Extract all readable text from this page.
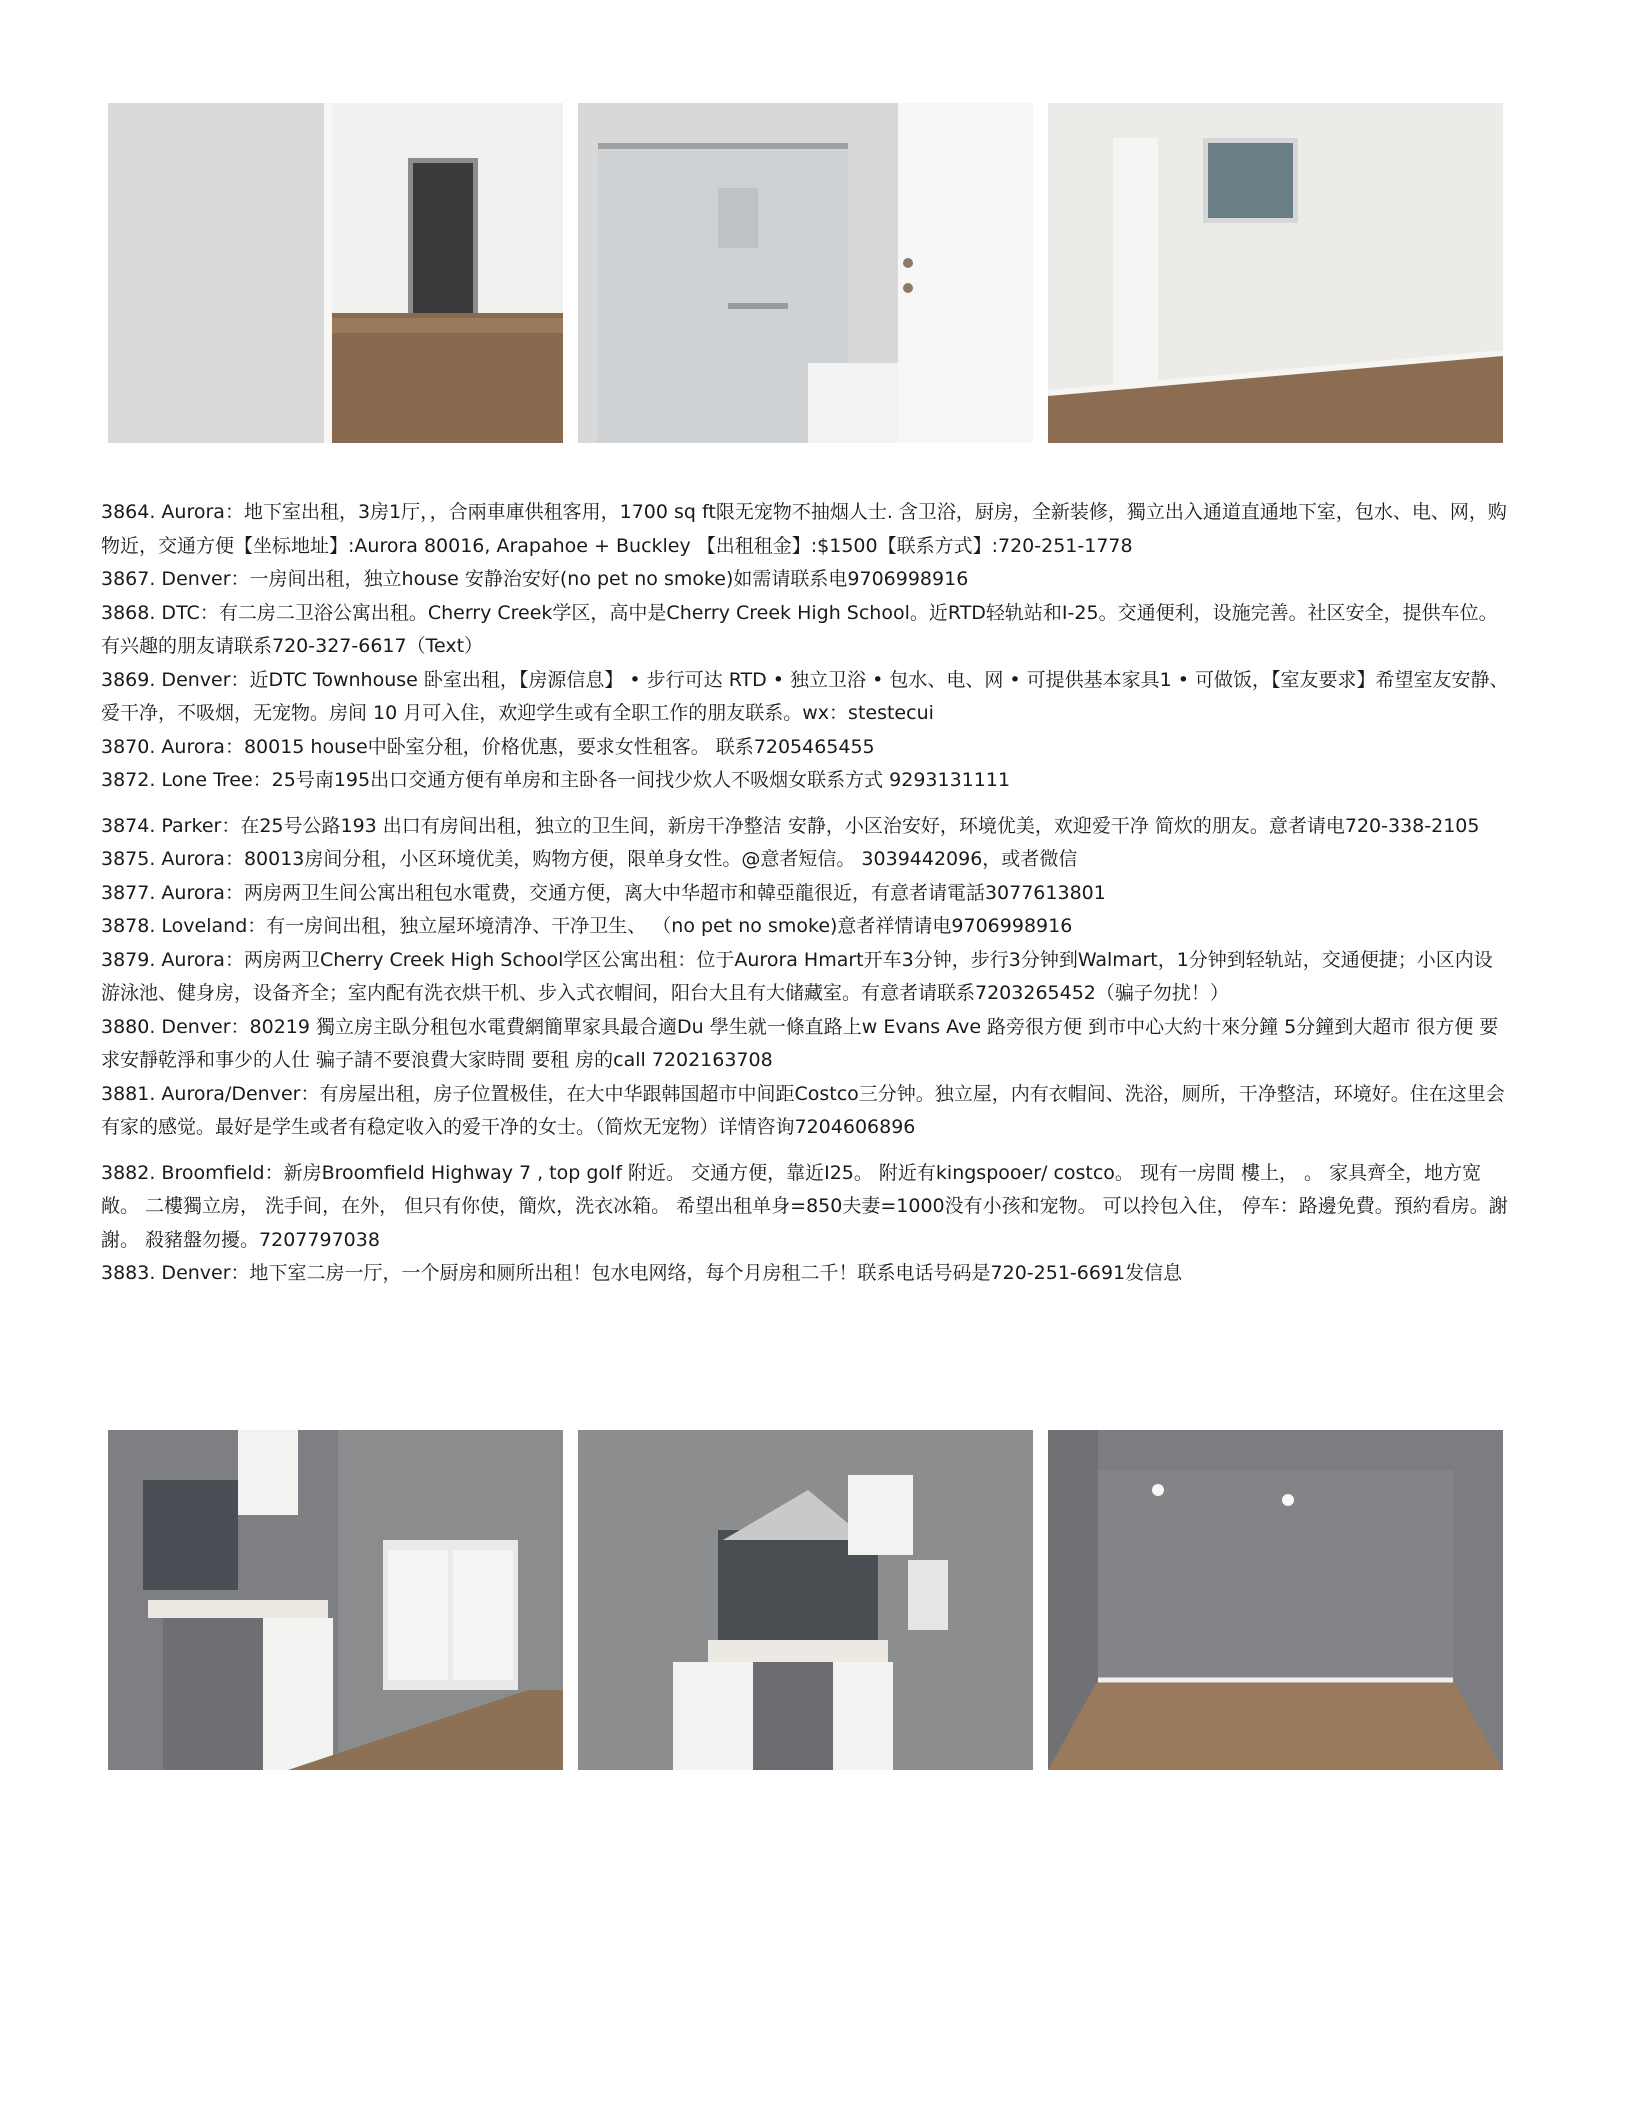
3864. Aurora：地下室出租，3房1厅，，合兩車庫供租客用，1700 sq ft限无宠物不抽烟人士. 含卫浴，厨房，全新装修，獨立出入通道直通地下室，包水、电、网，购物近，交通方便【坐标地址】:Aurora 80016, Arapahoe + Buckley 【出租租金】:$1500【联系方式】:720-251-1778

3867. Denver：一房间出租，独立house 安静治安好(no pet no smoke)如需请联系电9706998916

3868. DTC：有二房二卫浴公寓出租。Cherry Creek学区，高中是Cherry Creek High School。近RTD轻轨站和I-25。交通便利，设施完善。社区安全，提供车位。有兴趣的朋友请联系720-327-6617（Text）

3869. Denver：近DTC Townhouse 卧室出租，【房源信息】 • 步行可达 RTD • 独立卫浴 • 包水、电、网 • 可提供基本家具1 • 可做饭，【室友要求】希望室友安静、爱干净，不吸烟，无宠物。房间 10 月可入住，欢迎学生或有全职工作的朋友联系。wx：stestecui

3870. Aurora：80015 house中卧室分租，价格优惠，要求女性租客。 联系7205465455

3872. Lone Tree：25号南195出口交通方便有单房和主卧各一间找少炊人不吸烟女联系方式 9293131111

3874. Parker：在25号公路193 出口有房间出租，独立的卫生间，新房干净整洁 安静，小区治安好，环境优美，欢迎爱干净 简炊的朋友。意者请电720-338-2105

3875. Aurora：80013房间分租，小区环境优美，购物方便，限单身女性。@意者短信。 3039442096，或者微信

3877. Aurora：两房两卫生间公寓出租包水電费，交通方便，离大中华超市和韓亞龍很近，有意者请電話3077613801

3878. Loveland：有一房间出租，独立屋环境清净、干净卫生、 （no pet no smoke)意者祥情请电9706998916

3879. Aurora：两房两卫Cherry Creek High School学区公寓出租：位于Aurora Hmart开车3分钟，步行3分钟到Walmart，1分钟到轻轨站，交通便捷；小区内设游泳池、健身房，设备齐全；室内配有洗衣烘干机、步入式衣帽间，阳台大且有大储藏室。有意者请联系7203265452（骗子勿扰！）

3880. Denver：80219 獨立房主臥分租包水電費網簡單家具最合適Du 學生就一條直路上w Evans Ave 路旁很方便 到市中心大約十來分鐘 5分鐘到大超市 很方便 要求安靜乾淨和事少的人仕 骗子請不要浪費大家時間 要租 房的call 7202163708

3881. Aurora/Denver：有房屋出租，房子位置极佳，在大中华跟韩国超市中间距Costco三分钟。独立屋，内有衣帽间、洗浴，厕所，干净整洁，环境好。住在这里会有家的感觉。最好是学生或者有稳定收入的爱干净的女士。（简炊无宠物）详情咨询7204606896

3882. Broomfield：新房Broomfield Highway 7 , top golf 附近。 交通方便，靠近I25。 附近有kingspooer/ costco。 现有一房間 樓上， 。 家具齊全，地方宽敞。 二樓獨立房， 洗手间，在外， 但只有你使，簡炊，洗衣冰箱。 希望出租单身=850夫妻=1000没有小孩和宠物。 可以拎包入住， 停车：路邊免費。預約看房。謝謝。 殺豬盤勿擾。7207797038

3883. Denver：地下室二房一厅，一个厨房和厕所出租！包水电网络，每个月房租二千！联系电话号码是720-251-6691发信息
